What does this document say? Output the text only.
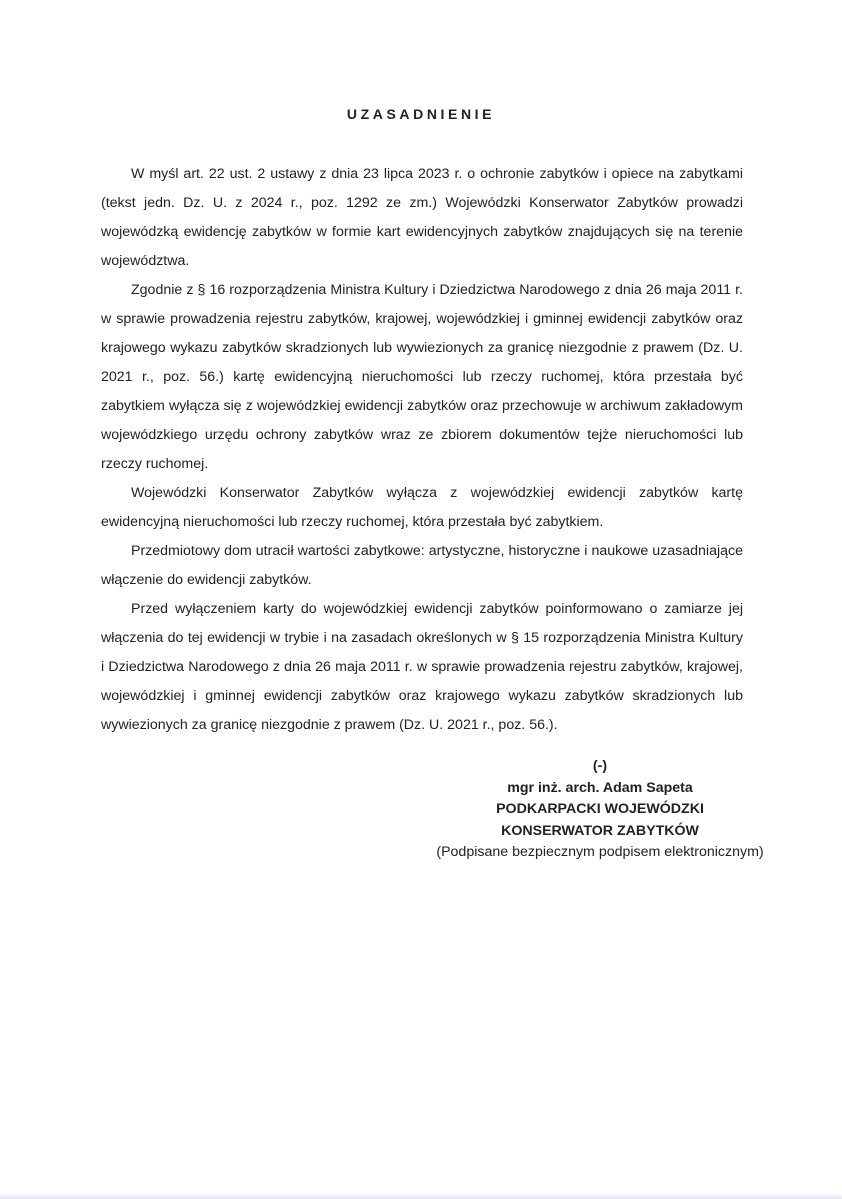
UZASADNIENIE

W myśl art. 22 ust. 2 ustawy z dnia 23 lipca 2023 r. o ochronie zabytków i opiece na zabytkami (tekst jedn. Dz. U. z 2024 r., poz. 1292 ze zm.) Wojewódzki Konserwator Zabytków prowadzi wojewódzką ewidencję zabytków w formie kart ewidencyjnych zabytków znajdujących się na terenie województwa.

Zgodnie z § 16 rozporządzenia Ministra Kultury i Dziedzictwa Narodowego z dnia 26 maja 2011 r. w sprawie prowadzenia rejestru zabytków, krajowej, wojewódzkiej i gminnej ewidencji zabytków oraz krajowego wykazu zabytków skradzionych lub wywiezionych za granicę niezgodnie z prawem (Dz. U. 2021 r., poz. 56.) kartę ewidencyjną nieruchomości lub rzeczy ruchomej, która przestała być zabytkiem wyłącza się z wojewódzkiej ewidencji zabytków oraz przechowuje w archiwum zakładowym wojewódzkiego urzędu ochrony zabytków wraz ze zbiorem dokumentów tejże nieruchomości lub rzeczy ruchomej.

Wojewódzki Konserwator Zabytków wyłącza z wojewódzkiej ewidencji zabytków kartę ewidencyjną nieruchomości lub rzeczy ruchomej, która przestała być zabytkiem.

Przedmiotowy dom utracił wartości zabytkowe: artystyczne, historyczne i naukowe uzasadniające włączenie do ewidencji zabytków.

Przed wyłączeniem karty do wojewódzkiej ewidencji zabytków poinformowano o zamiarze jej włączenia do tej ewidencji w trybie i na zasadach określonych w § 15 rozporządzenia Ministra Kultury i Dziedzictwa Narodowego z dnia 26 maja 2011 r. w sprawie prowadzenia rejestru zabytków, krajowej, wojewódzkiej i gminnej ewidencji zabytków oraz krajowego wykazu zabytków skradzionych lub wywiezionych za granicę niezgodnie z prawem (Dz. U. 2021 r., poz. 56.).

(-)
mgr inż. arch. Adam Sapeta
PODKARPACKI WOJEWÓDZKI
KONSERWATOR ZABYTKÓW
(Podpisane bezpiecznym podpisem elektronicznym)
